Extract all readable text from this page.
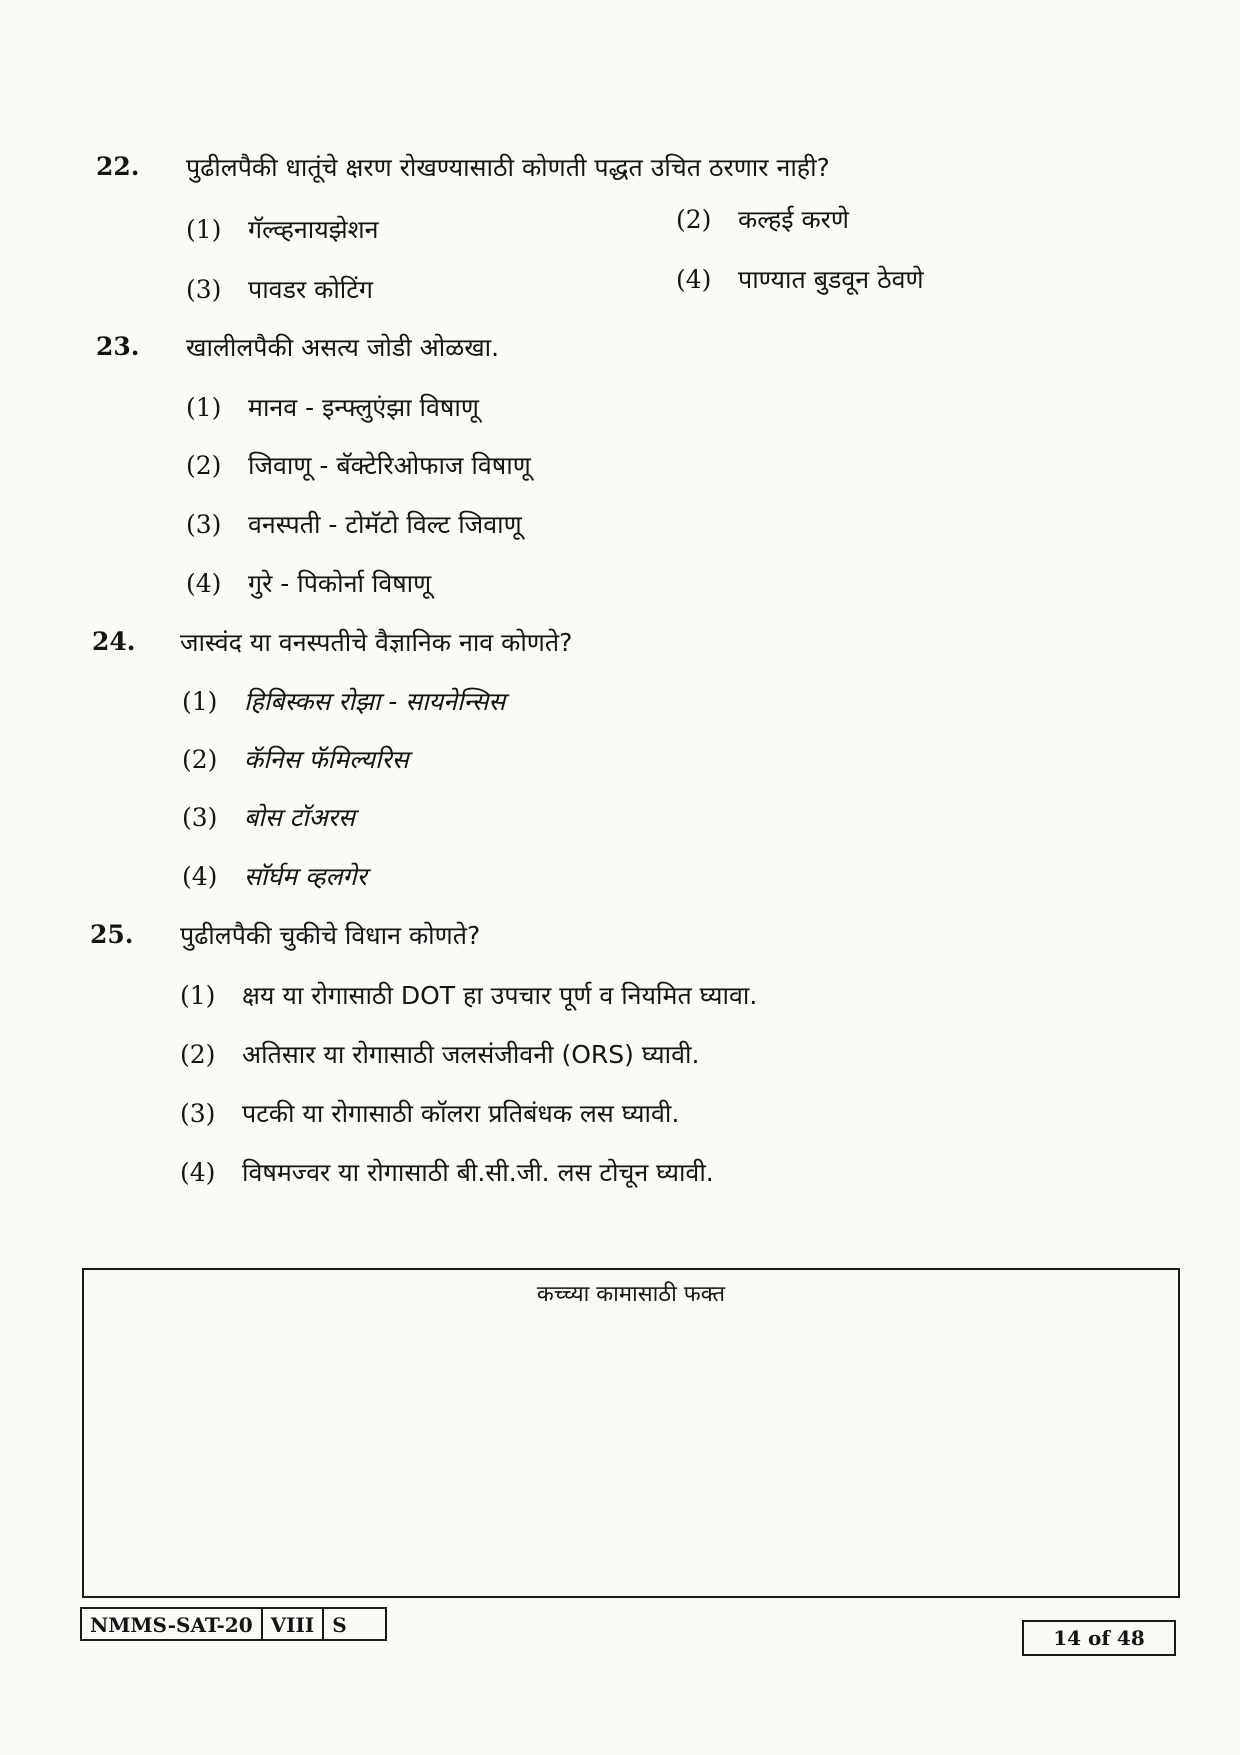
22. पुढीलपैकी धातूंचे क्षरण रोखण्यासाठी कोणती पद्धत उचित ठरणार नाही?
(1) गॅल्व्हनायझेशन	(2) कल्हई करणे
(3) पावडर कोटिंग	(4) पाण्यात बुडवून ठेवणे
23. खालीलपैकी असत्य जोडी ओळखा.
(1) मानव - इन्फ्लुएंझा विषाणू
(2) जिवाणू - बॅक्टेरिओफाज विषाणू
(3) वनस्पती - टोमॅटो विल्ट जिवाणू
(4) गुरे - पिकोर्ना विषाणू
24. जास्वंद या वनस्पतीचे वैज्ञानिक नाव कोणते?
(1) हिबिस्कस रोझा - सायनेन्सिस
(2) कॅनिस फॅमिल्यरिस
(3) बोस टॉअरस
(4) सॉर्घम व्हलगेर
25. पुढीलपैकी चुकीचे विधान कोणते?
(1) क्षय या रोगासाठी DOT हा उपचार पूर्ण व नियमित घ्यावा.
(2) अतिसार या रोगासाठी जलसंजीवनी (ORS) घ्यावी.
(3) पटकी या रोगासाठी कॉलरा प्रतिबंधक लस घ्यावी.
(4) विषमज्वर या रोगासाठी बी.सी.जी. लस टोचून घ्यावी.
कच्च्या कामासाठी फक्त
NMMS-SAT-20 VIII S
14 of 48
